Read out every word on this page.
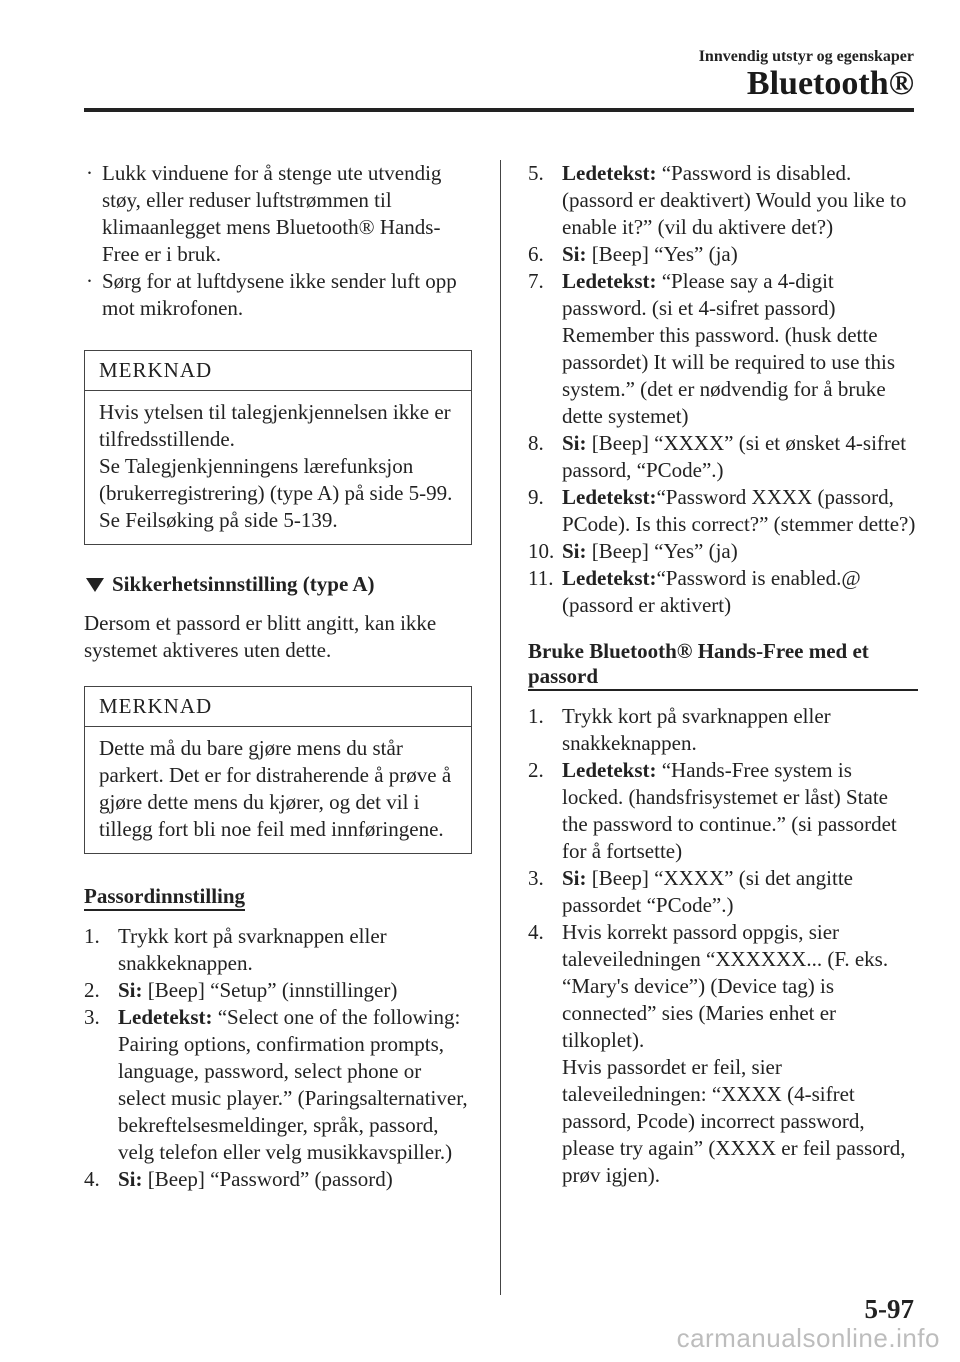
Innvendig utstyr og egenskaper
Bluetooth®
· Lukk vinduene for å stenge ute utvendig støy, eller reduser luftstrømmen til klimaanlegget mens Bluetooth® Hands-Free er i bruk.
· Sørg for at luftdysene ikke sender luft opp mot mikrofonen.
MERKNAD
Hvis ytelsen til talegjenkjennelsen ikke er tilfredsstillende.
Se Talegjenkjenningens lærefunksjon (brukerregistrering) (type A) på side 5-99.
Se Feilsøking på side 5-139.
Sikkerhetsinnstilling (type A)
Dersom et passord er blitt angitt, kan ikke systemet aktiveres uten dette.
MERKNAD
Dette må du bare gjøre mens du står parkert. Det er for distraherende å prøve å gjøre dette mens du kjører, og det vil i tillegg fort bli noe feil med innføringene.
Passordinnstilling
1. Trykk kort på svarknappen eller snakkeknappen.
2. Si: [Beep] “Setup” (innstillinger)
3. Ledetekst: “Select one of the following: Pairing options, confirmation prompts, language, password, select phone or select music player.” (Paringsalternativer, bekreftelsesmeldinger, språk, passord, velg telefon eller velg musikkavspiller.)
4. Si: [Beep] “Password” (passord)
5. Ledetekst: “Password is disabled. (passord er deaktivert) Would you like to enable it?” (vil du aktivere det?)
6. Si: [Beep] “Yes” (ja)
7. Ledetekst: “Please say a 4-digit password. (si et 4-sifret passord) Remember this password. (husk dette passordet) It will be required to use this system.” (det er nødvendig for å bruke dette systemet)
8. Si: [Beep] “XXXX” (si et ønsket 4-sifret passord, “PCode”.)
9. Ledetekst:“Password XXXX (passord, PCode). Is this correct?” (stemmer dette?)
10. Si: [Beep] “Yes” (ja)
11. Ledetekst:“Password is enabled.@ (passord er aktivert)
Bruke Bluetooth® Hands-Free med et passord
1. Trykk kort på svarknappen eller snakkeknappen.
2. Ledetekst: “Hands-Free system is locked. (handsfrisystemet er låst) State the password to continue.” (si passordet for å fortsette)
3. Si: [Beep] “XXXX” (si det angitte passordet “PCode”.)
4. Hvis korrekt passord oppgis, sier taleveiledningen “XXXXXX... (F. eks. “Mary's device”) (Device tag) is connected” sies (Maries enhet er tilkoplet).
Hvis passordet er feil, sier taleveiledningen: “XXXX (4-sifret passord, Pcode) incorrect password, please try again” (XXXX er feil passord, prøv igjen).
5-97
carmanualsonline.info
